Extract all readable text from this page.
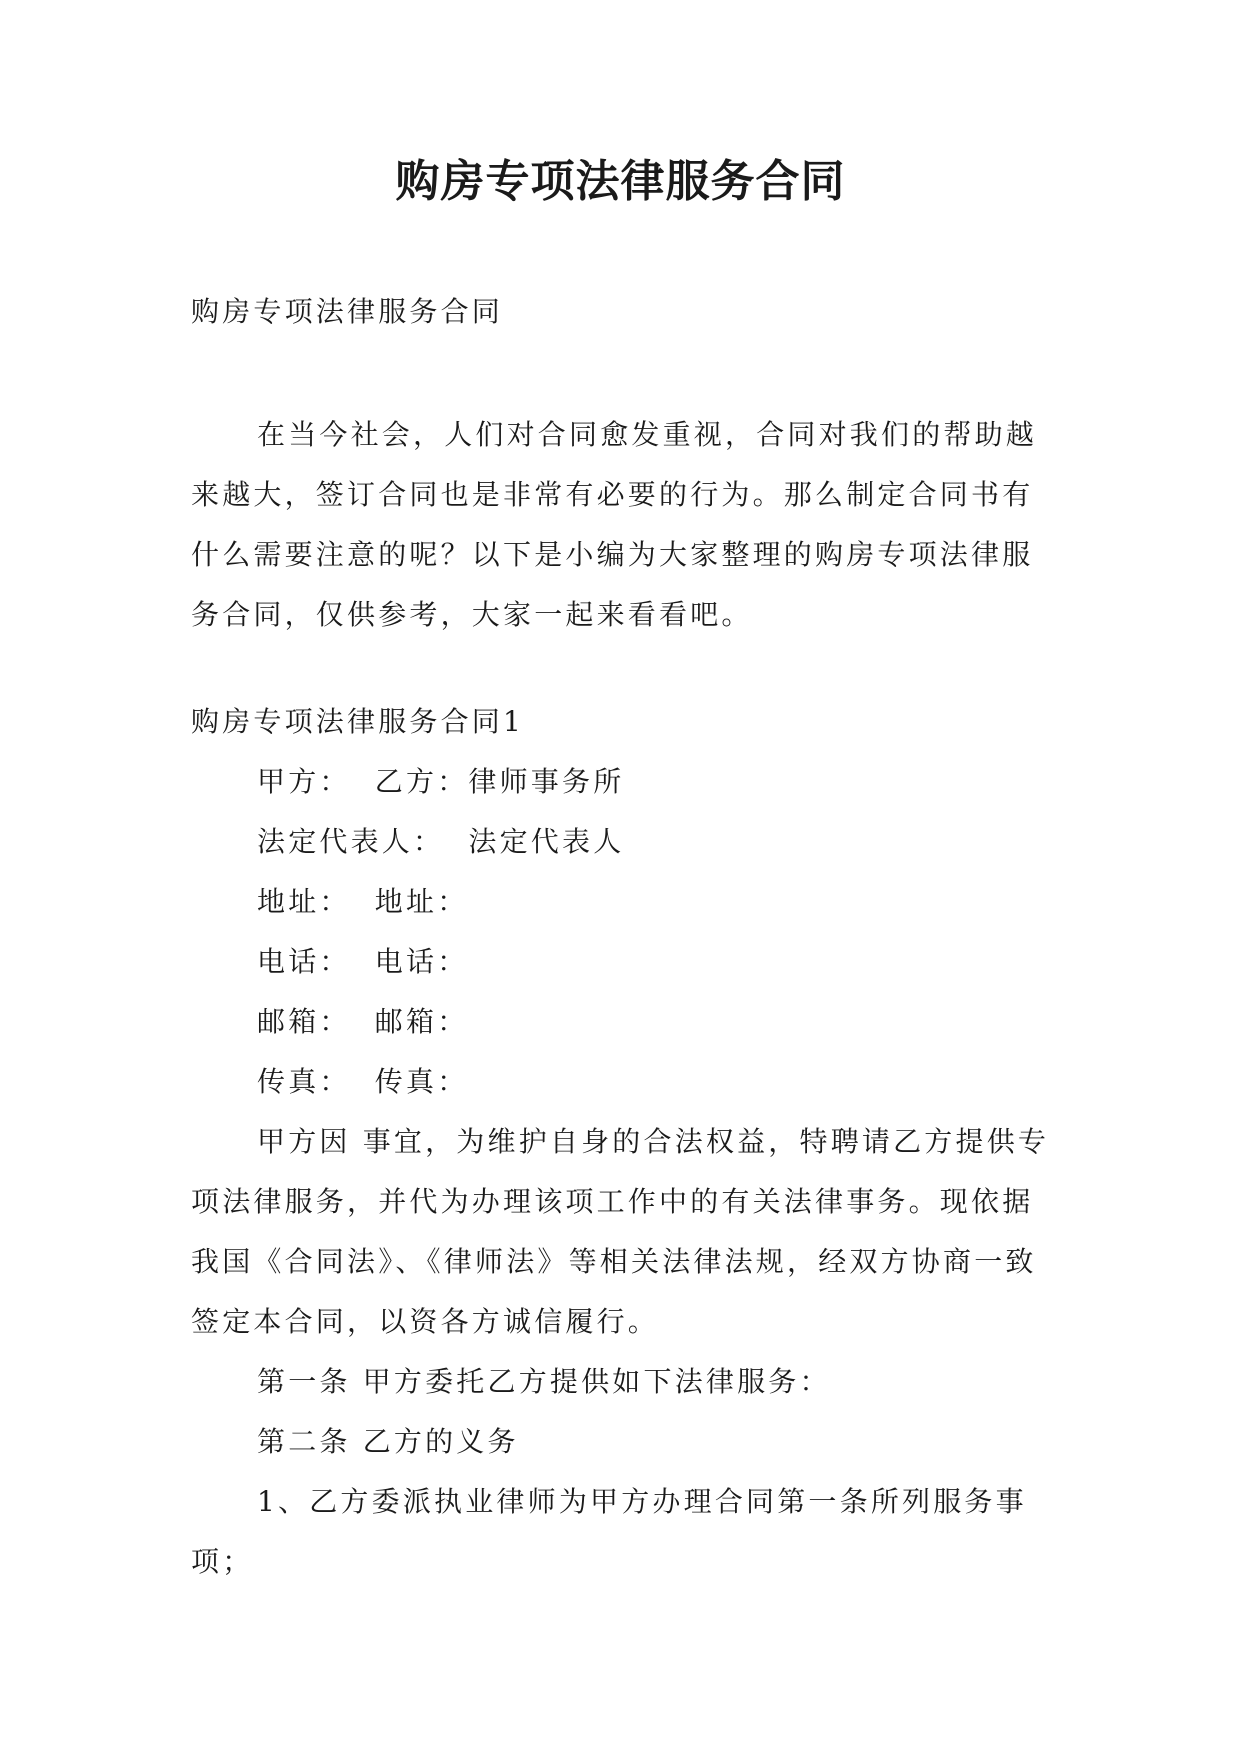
购房专项法律服务合同

购房专项法律服务合同

在当今社会，人们对合同愈发重视，合同对我们的帮助越来越大，签订合同也是非常有必要的行为。那么制定合同书有什么需要注意的呢？以下是小编为大家整理的购房专项法律服务合同，仅供参考，大家一起来看看吧。

购房专项法律服务合同1

甲方：  乙方：律师事务所

法定代表人：  法定代表人

地址：  地址：

电话：  电话：

邮箱：  邮箱：

传真：  传真：

甲方因 事宜，为维护自身的合法权益，特聘请乙方提供专项法律服务，并代为办理该项工作中的有关法律事务。现依据我国《合同法》、《律师法》等相关法律法规，经双方协商一致签定本合同，以资各方诚信履行。

第一条 甲方委托乙方提供如下法律服务：

第二条 乙方的义务

1、乙方委派执业律师为甲方办理合同第一条所列服务事项；
